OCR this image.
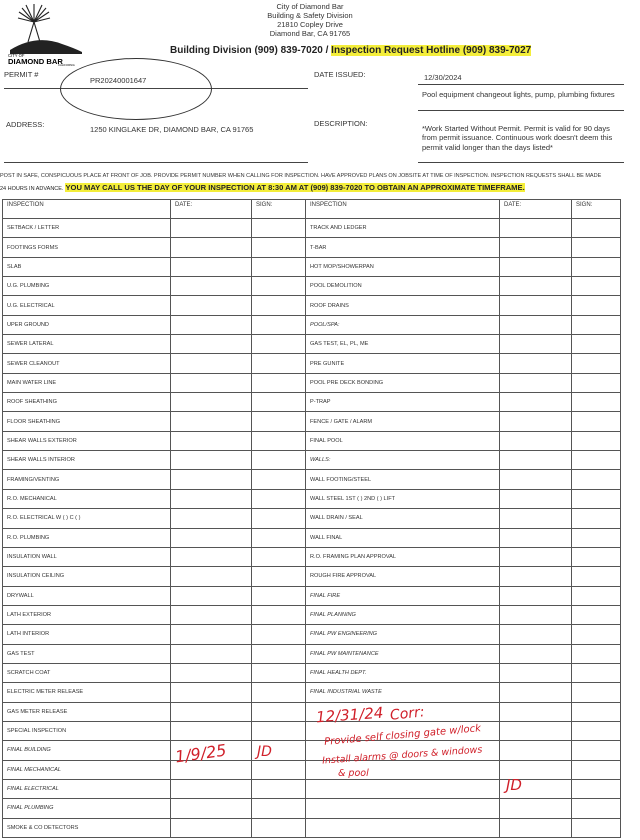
CITY OF
DIAMOND BAR
CALIFORNIA
City of Diamond Bar
Building & Safety Division
21810 Copley Drive
Diamond Bar, CA 91765
Building Division (909) 839-7020 / Inspection Request Hotline (909) 839-7027
PERMIT #
PR20240001647
DATE ISSUED:	12/30/2024
Pool equipment changeout lights, pump, plumbing fixtures
ADDRESS:
1250 KINGLAKE DR, DIAMOND BAR, CA 91765
DESCRIPTION:
*Work Started Without Permit. Permit is valid for 90 days from permit issuance. Continuous work doesn't deem this permit valid longer than the days listed*
POST IN SAFE, CONSPICUOUS PLACE AT FRONT OF JOB. PROVIDE PERMIT NUMBER WHEN CALLING FOR INSPECTION. HAVE APPROVED PLANS ON JOBSITE AT TIME OF INSPECTION. INSPECTION REQUESTS SHALL BE MADE
24 HOURS IN ADVANCE. YOU MAY CALL US THE DAY OF YOUR INSPECTION AT 8:30 AM AT (909) 839-7020 TO OBTAIN AN APPROXIMATE TIMEFRAME.
INSPECTION	DATE:	SIGN:	INSPECTION	DATE:	SIGN:
SETBACK / LETTER			TRACK AND LEDGER		
FOOTINGS FORMS			T-BAR		
SLAB			HOT MOP/SHOWERPAN		
U.G. PLUMBING			POOL DEMOLITION		
U.G. ELECTRICAL			ROOF DRAINS		
UPER GROUND			POOL/SPA:		
SEWER LATERAL			GAS TEST, EL, PL, ME		
SEWER CLEANOUT			PRE GUNITE		
MAIN WATER LINE			POOL PRE DECK BONDING		
ROOF SHEATHING			P-TRAP		
FLOOR SHEATHING			FENCE / GATE / ALARM		
SHEAR WALLS EXTERIOR			FINAL POOL		
SHEAR WALLS INTERIOR			WALLS:		
FRAMING/VENTING			WALL FOOTING/STEEL		
R.O. MECHANICAL			WALL STEEL 1ST ( ) 2ND ( ) LIFT		
R.O. ELECTRICAL W ( ) C ( )			WALL DRAIN / SEAL		
R.O. PLUMBING			WALL FINAL		
INSULATION WALL			R.O. FRAMING PLAN APPROVAL		
INSULATION CEILING			ROUGH FIRE APPROVAL		
DRYWALL			FINAL FIRE		
LATH EXTERIOR			FINAL PLANNING		
LATH INTERIOR			FINAL PW ENGINEERING		
GAS TEST			FINAL PW MAINTENANCE		
SCRATCH COAT			FINAL HEALTH DEPT.		
ELECTRIC METER RELEASE			FINAL INDUSTRIAL WASTE		
GAS METER RELEASE					
SPECIAL INSPECTION					
FINAL BUILDING					
FINAL MECHANICAL					
FINAL ELECTRICAL					
FINAL PLUMBING					
SMOKE & CO DETECTORS					
12/31/24 Corr:
Provide self closing gate w/lock
Install alarms @ doors & windows
& pool
1/9/25 JD
JD
